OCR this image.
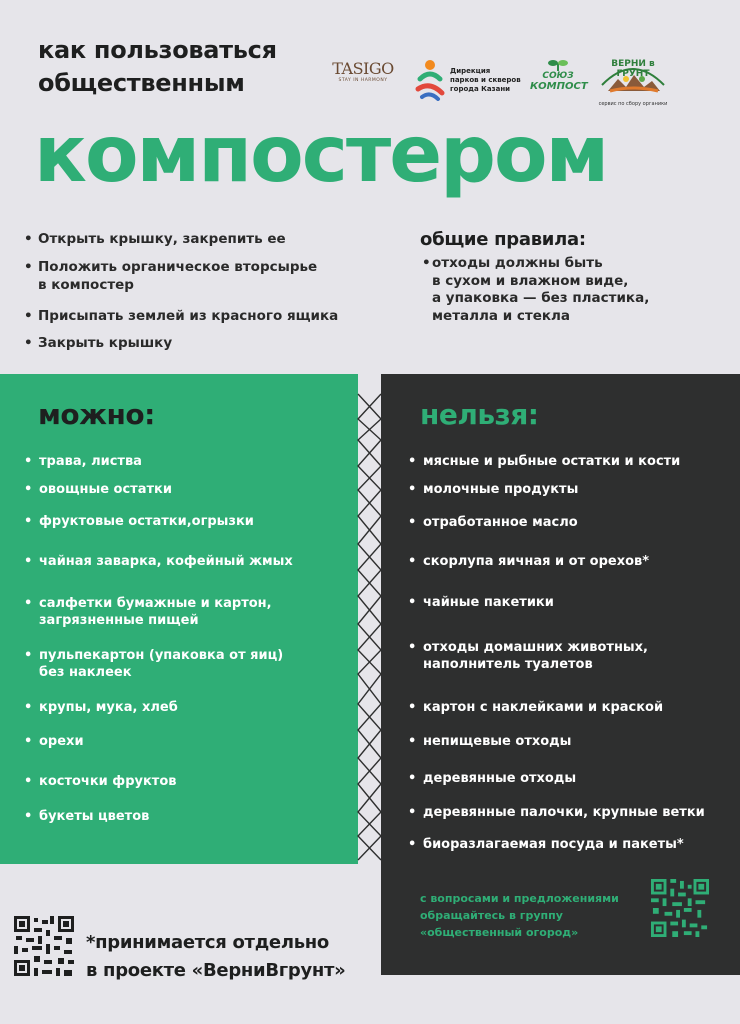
как пользоваться
общественным
компостером
TASIGO
STAY IN HARMONY
Дирекция
парков и скверов
города Казани
СОЮЗ
КОМПОСТ
ВЕРНИ в ГРУНТ
сервис по сбору органики
• Открыть крышку, закрепить ее
• Положить органическое вторсырье
в компостер
• Присыпать землей из красного ящика
• Закрыть крышку
общие правила:
• отходы должны быть
в сухом и влажном виде,
а упаковка — без пластика,
металла и стекла
можно:	нельзя:
• трава, листва
• овощные остатки
• фруктовые остатки,огрызки
• чайная заварка, кофейный жмых
• салфетки бумажные и картон,
загрязненные пищей
• пульпекартон (упаковка от яиц)
без наклеек
• крупы, мука, хлеб
• орехи
• косточки фруктов
• букеты цветов
• мясные и рыбные остатки и кости
• молочные продукты
• отработанное масло
• скорлупа яичная и от орехов*
• чайные пакетики
• отходы домашних животных,
наполнитель туалетов
• картон с наклейками и краской
• непищевые отходы
• деревянные отходы
• деревянные палочки, крупные ветки
• биоразлагаемая посуда и пакеты*
с вопросами и предложениями
обращайтесь в группу
«общественный огород»
*принимается отдельно
в проекте «ВерниВгрунт»
